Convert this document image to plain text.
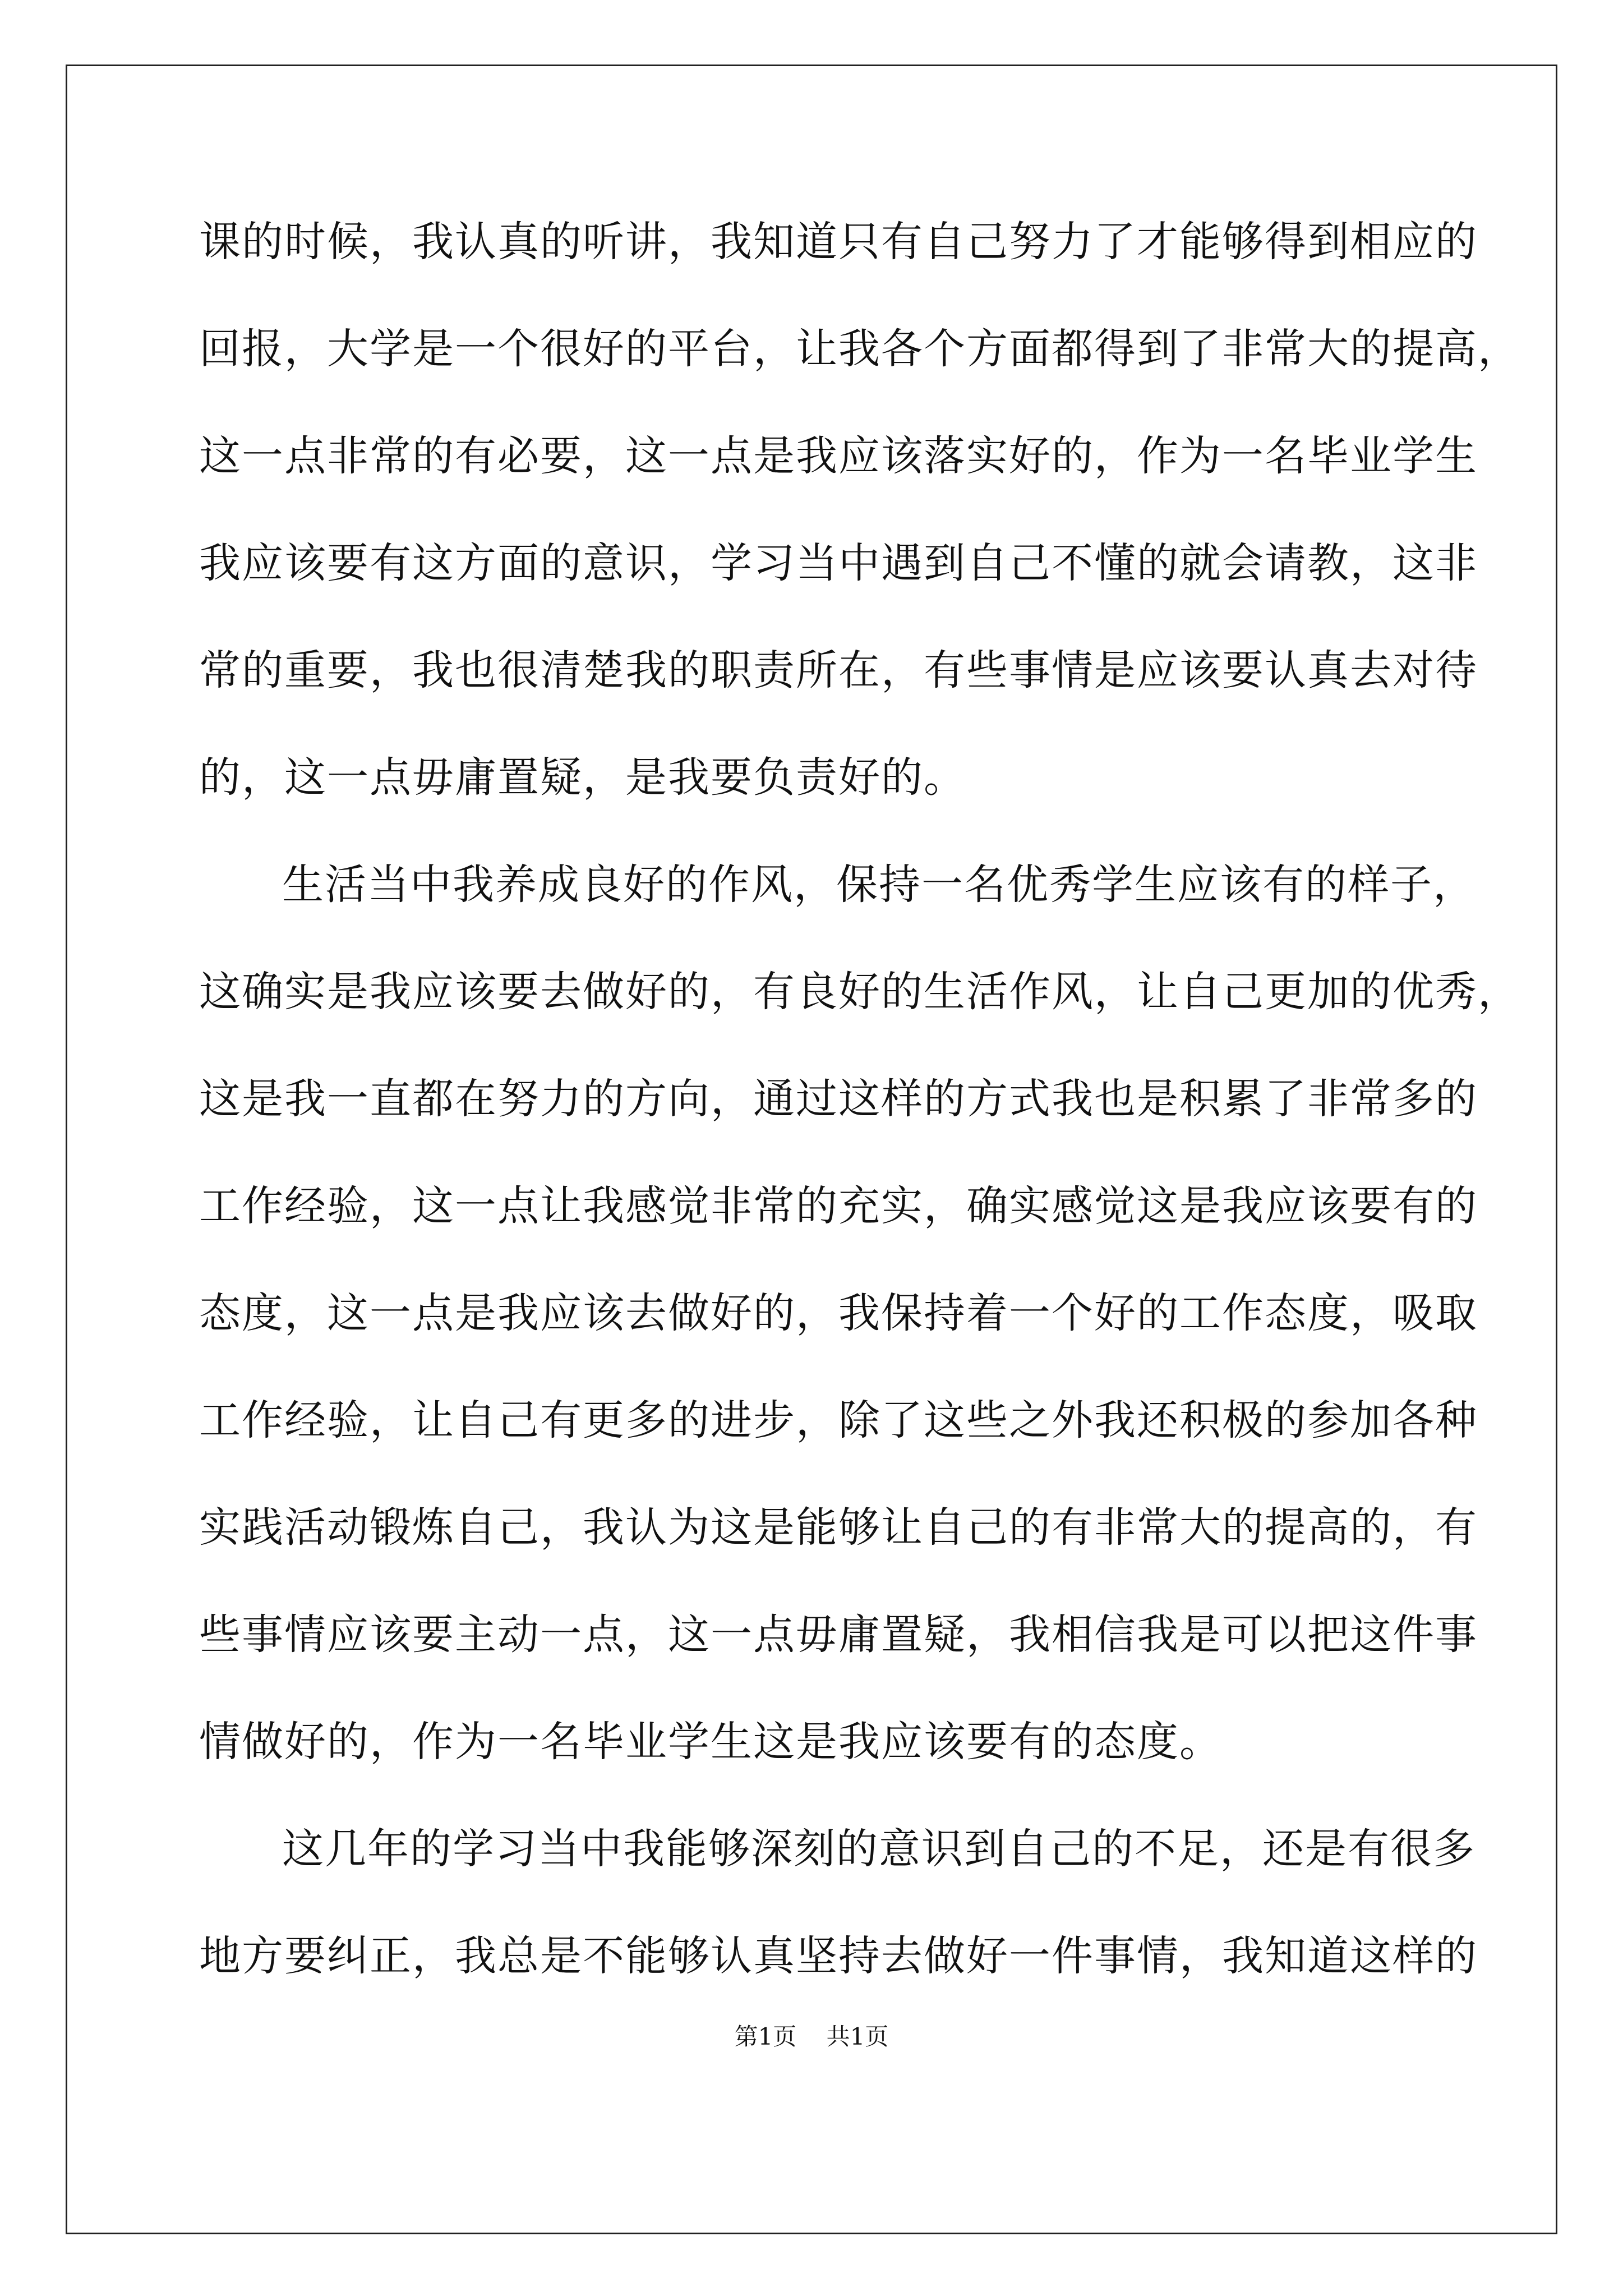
课的时候，我认真的听讲，我知道只有自己努力了才能够得到相应的
回报，大学是一个很好的平台，让我各个方面都得到了非常大的提高，
这一点非常的有必要，这一点是我应该落实好的，作为一名毕业学生
我应该要有这方面的意识，学习当中遇到自己不懂的就会请教，这非
常的重要，我也很清楚我的职责所在，有些事情是应该要认真去对待
的，这一点毋庸置疑，是我要负责好的。
生活当中我养成良好的作风，保持一名优秀学生应该有的样子，
这确实是我应该要去做好的，有良好的生活作风，让自己更加的优秀，
这是我一直都在努力的方向，通过这样的方式我也是积累了非常多的
工作经验，这一点让我感觉非常的充实，确实感觉这是我应该要有的
态度，这一点是我应该去做好的，我保持着一个好的工作态度，吸取
工作经验，让自己有更多的进步，除了这些之外我还积极的参加各种
实践活动锻炼自己，我认为这是能够让自己的有非常大的提高的，有
些事情应该要主动一点，这一点毋庸置疑，我相信我是可以把这件事
情做好的，作为一名毕业学生这是我应该要有的态度。
这几年的学习当中我能够深刻的意识到自己的不足，还是有很多
地方要纠正，我总是不能够认真坚持去做好一件事情，我知道这样的
第1页 共1页
